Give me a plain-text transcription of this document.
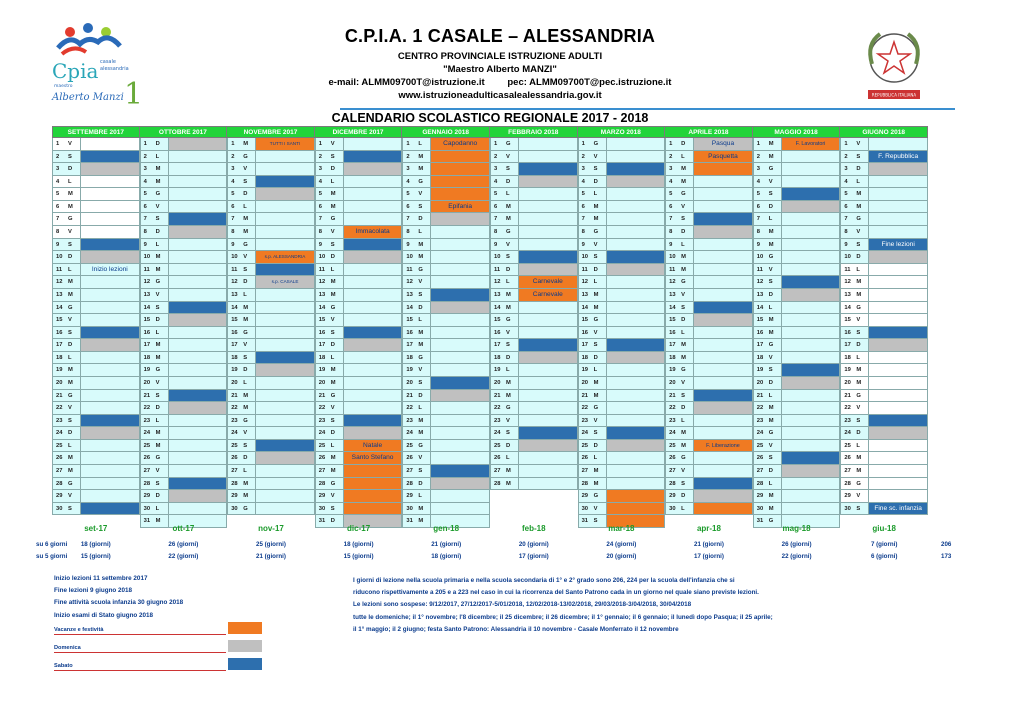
Cpia casale
alessandria
maestro
Alberto Manzi 1
C.P.I.A. 1 CASALE – ALESSANDRIA
CENTRO PROVINCIALE ISTRUZIONE ADULTI
"Maestro Alberto MANZI"
e-mail: ALMM09700T@istruzione.it pec: ALMM09700T@pec.istruzione.it
www.istruzioneadulticasalealessandria.gov.it	REPUBBLICA ITALIANA
CALENDARIO SCOLASTICO REGIONALE 2017 - 2018
SETTEMBRE 2017	OTTOBRE 2017	NOVEMBRE 2017	DICEMBRE 2017	GENNAIO 2018	FEBBRAIO 2018	MARZO 2018	APRILE 2018	MAGGIO 2018	GIUGNO 2018
1	V
2	S
3	D
4	L
5	M
6	M
7	G
8	V
9	S
10 D
11	L	Inizio lezioni
12 M
13 M
14 G
15 V
16 S
17 D
18 L
19 M
20 M
21 G
22 V
23 S
24 D
25 L
26 M
27 M
28 G
29 V
30 S
1	D
2	L
3	M
4	M
5	G
6	V
7	S
8	D
9	L
10 M
11	M
12 G
13 V
14 S
15 D
16 L
17 M
18 M
19 G
20 V
21 S
22 D
23 L
24 M
25 M
26 G
27 V
28 S
29 D
30 L
31 M
1	M	TUTTI I SANTI
2	G
3	V
4	S
5	D
6	L
7	M
8	M
9	G
10 V	s.p. ALESSANDRIA
11	S
12 D	s.p. CASALE
13 L
14 M
15 M
16 G
17 V
18 S
19 D
20 L
21 M
22 M
23 G
24 V
25 S
26 D
27 L
28 M
29 M
30 G
1	V
2	S
3	D
4	L
5	M
6	M
7	G
8	V	Immacolata
9	S
10 D
11	L
12 M
13 M
14 G
15 V
16 S
17 D
18 L
19 M
20 M
21 G
22 V
23 S
24 D
25 L	Natale
26 M	Santo Stefano
27 M
28 G
29 V
30 S
31 D
1	L	Capodanno
2	M
3	M
4	G
5	V
6	S	Epifania
7	D
8	L
9	M
10 M
11	G
12 V
13 S
14 D
15 L
16 M
17 M
18 G
19 V
20 S
21 D
22 L
23 M
24 M
25 G
26 V
27 S
28 D
29 L
30 M
31 M
1	G
2	V
3	S
4	D
5	L
6	M
7	M
8	G
9	V
10 S
11	D
12 L	Carnevale
13 M	Carnevale
14 M
15 G
16 V
17 S
18 D
19 L
20 M
21 M
22 G
23 V
24 S
25 D
26 L
27 M
28 M
1	G
2	V
3	S
4	D
5	L
6	M
7	M
8	G
9	V
10 S
11	D
12 L
13 M
14 M
15 G
16 V
17 S
18 D
19 L
20 M
21 M
22 G
23 V
24 S
25 D
26 L
27 M
28 M
29 G
30 V
31 S
1	D	Pasqua
2	L	Pasquetta
3	M
4	M
5	G
6	V
7	S
8	D
9	L
10 M
11	M
12 G
13 V
14 S
15 D
16 L
17 M
18 M
19 G
20 V
21 S
22 D
23 L
24 M
25 M	F. Liberazione
26 G
27 V
28 S
29 D
30 L
1	M	F. Lavoratori
2	M
3	G
4	V
5	S
6	D
7	L
8	M
9	M
10 G
11	V
12 S
13 D
14 L
15 M
16 M
17 G
18 V
19 S
20 D
21 L
22 M
23 M
24 G
25 V
26 S
27 D
28 L
29 M
30 M
31 G
1	V
2	S	F. Repubblica
3	D
4	L
5	M
6	M
7	G
8	V
9	S	Fine lezioni
10 D
11	L
12 M
13 M
14 G
15 V
16 S
17 D
18 L
19 M
20 M
21 G
22 V
23 S
24 D
25 L
26 M
27 M
28 G
29 V
30 S	Fine sc. infanzia
set-17	ott-17	nov-17	dic-17	gen-18	feb-18	mar-18	apr-18	mag-18	giu-18
su 6 giorni	206
18 (giorni)	26 (giorni)	25 (giorni)	18 (giorni)	21 (giorni)	20 (giorni)	24 (giorni)	21 (giorni)	26 (giorni)	7 (giorni)
su 5 giorni	173
15 (giorni)	22 (giorni)	21 (giorni)	15 (giorni)	18 (giorni)	17 (giorni)	20 (giorni)	17 (giorni)	22 (giorni)	6 (giorni)
Inizio lezioni 11 settembre 2017
Fine lezioni 9 giugno 2018
Fine attività scuola infanzia 30 giugno 2018
Inizio esami di Stato giugno 2018
Vacanze e festività
Domenica
Sabato
I giorni di lezione nella scuola primaria e nella scuola secondaria di 1° e 2° grado sono 206, 224 per la scuola dell'infanzia che si
riducono rispettivamente a 205 e a 223 nel caso in cui la ricorrenza del Santo Patrono cada in un giorno nel quale siano previste lezioni.
Le lezioni sono sospese: 9/12/2017, 27/12/2017-5/01/2018, 12/02/2018-13/02/2018, 29/03/2018-3/04/2018, 30/04/2018
tutte le domeniche; il 1° novembre; l'8 dicembre; il 25 dicembre; il 26 dicembre; il 1° gennaio; il 6 gennaio; il lunedì dopo Pasqua; il 25 aprile;
il 1° maggio; il 2 giugno; festa Santo Patrono: Alessandria il 10 novembre - Casale Monferrato il 12 novembre
